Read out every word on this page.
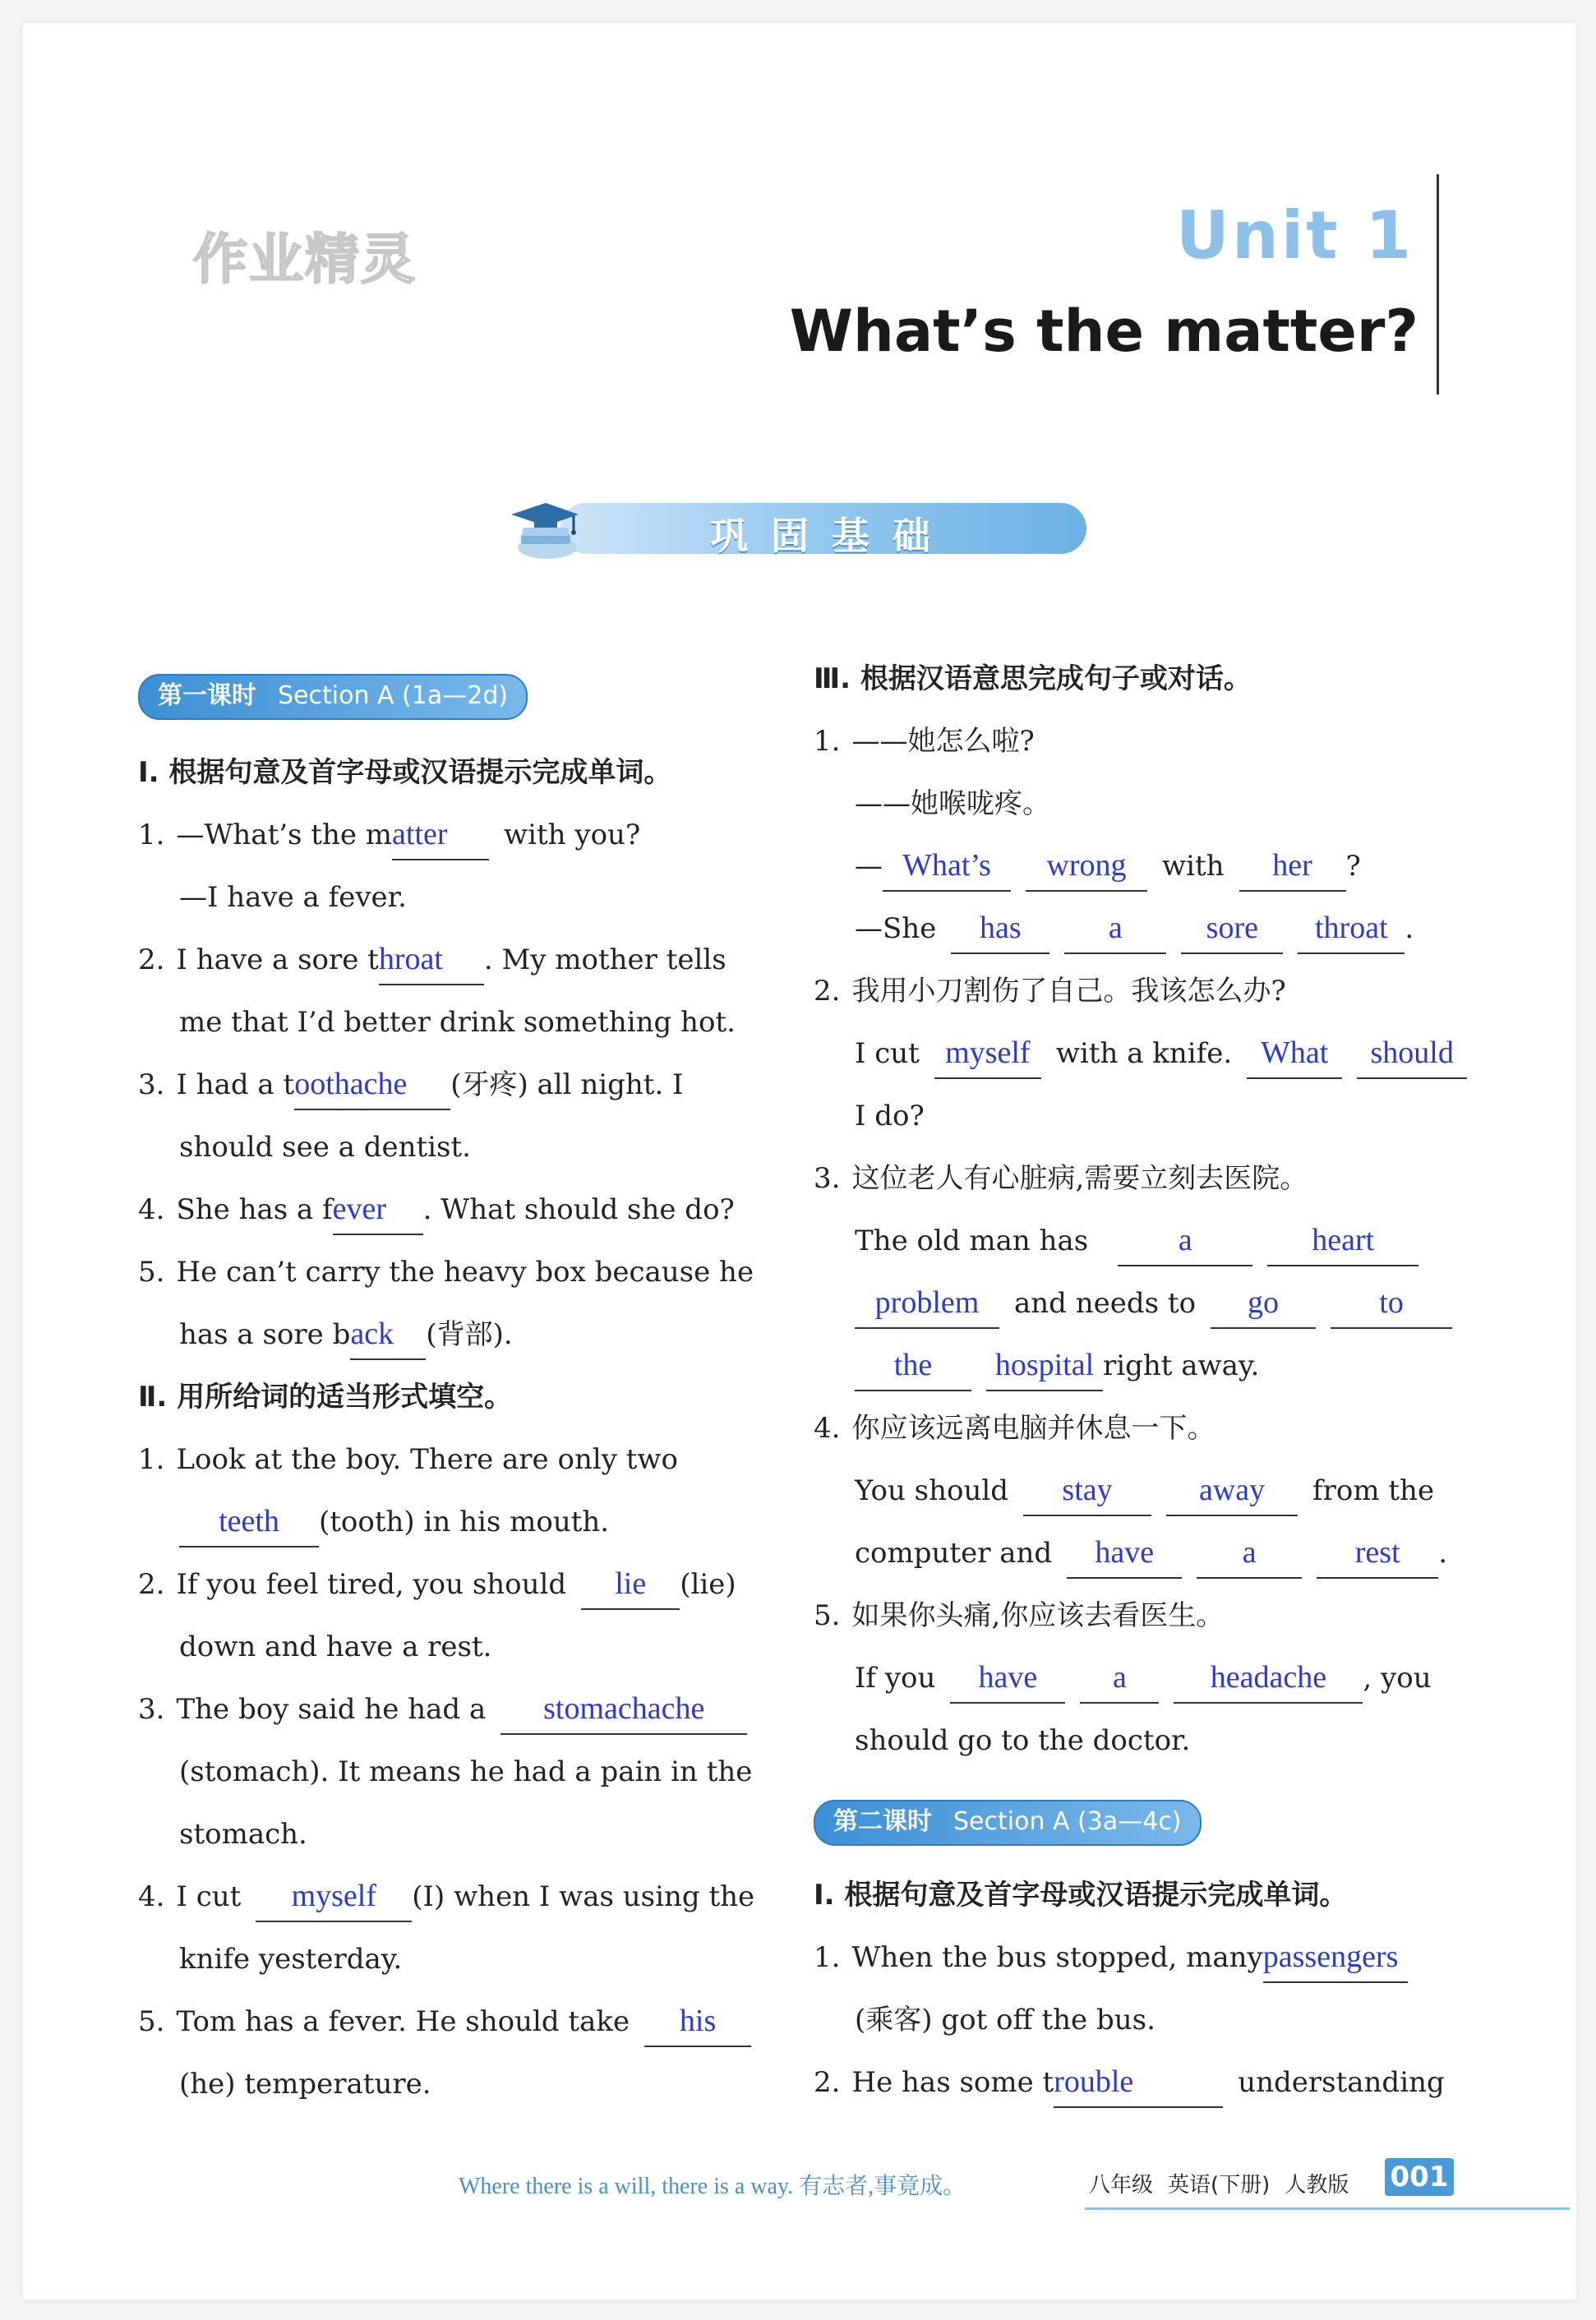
作业精灵	Unit 1
What’s the matter?
巩固基础
第一课时 Section A (1a—2d)
Ⅰ. 根据句意及首字母或汉语提示完成单词。
1. —What’s the matter with you?
—I have a fever.
2. I have a sore throat . My mother tells
me that I’d better drink something hot.
3. I had a toothache (牙疼) all night. I
should see a dentist.
4. She has a fever . What should she do?
5. He can’t carry the heavy box because he
has a sore back (背部).
Ⅱ. 用所给词的适当形式填空。
1. Look at the boy. There are only two
teeth (tooth) in his mouth.
2. If you feel tired, you should lie (lie)
down and have a rest.
3. The boy said he had a stomachache
(stomach). It means he had a pain in the
stomach.
4. I cut myself (I) when I was using the
knife yesterday.
5. Tom has a fever. He should take his
(he) temperature.
Ⅲ. 根据汉语意思完成句子或对话。
1. ——她怎么啦?
——她喉咙疼。
— What’s wrong with her ?
—She has	a	sore throat .
2. 我用小刀割伤了自己。我该怎么办?
I cut myself with a knife. What should
I do?
3. 这位老人有心脏病,需要立刻去医院。
The old man has	a	heart
problem and needs to go	to
the hospital right away.
4. 你应该远离电脑并休息一下。
You should stay	away from the
computer and have	a	rest .
5. 如果你头痛,你应该去看医生。
If you have a	headache , you
should go to the doctor.
第二课时 Section A (3a—4c)
Ⅰ. 根据句意及首字母或汉语提示完成单词。
1. When the bus stopped, manypassengers
(乘客) got off the bus.
2. He has some trouble	understanding
Where there is a will, there is a way. 有志者,事竟成。	八年级 英语(下册) 人教版	001
